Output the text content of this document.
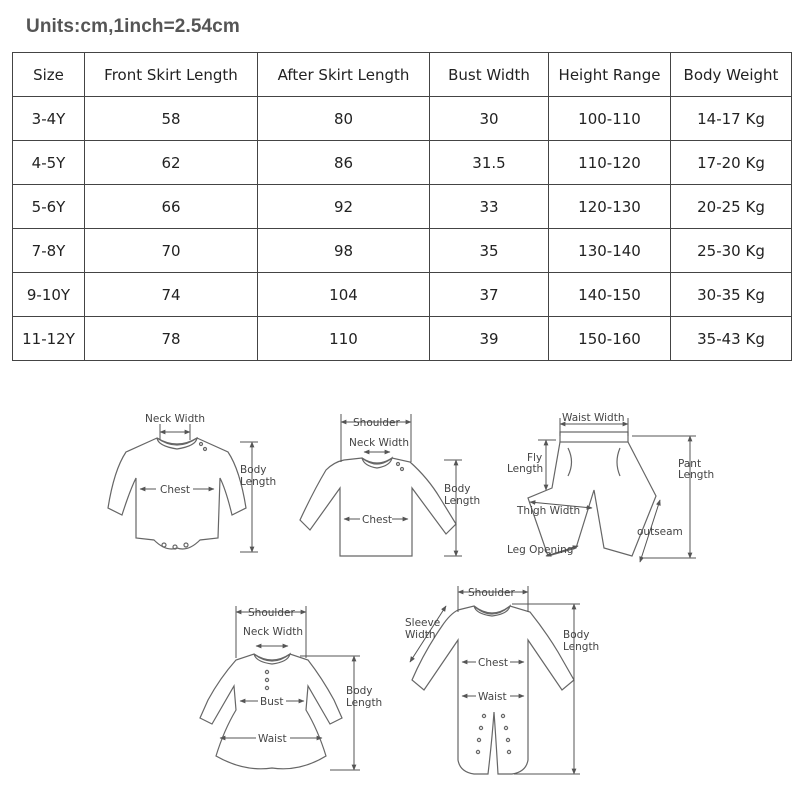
Units:cm,1inch=2.54cm
Size	Front Skirt Length	After Skirt Length	Bust Width	Height Range	Body Weight
3-4Y	58	80	30	100-110	14-17 Kg
4-5Y	62	86	31.5	110-120	17-20 Kg
5-6Y	66	92	33	120-130	20-25 Kg
7-8Y	70	98	35	130-140	25-30 Kg
9-10Y	74	104	37	140-150	30-35 Kg
11-12Y	78	110	39	150-160	35-43 Kg
Neck Width
Chest
Body
Length
Shoulder
Neck Width
Chest
Body
Length
Waist Width
Fly
Length	Pant
Length
Thigh Width
outseam
Leg Opening
Shoulder
Neck Width
Bust
Waist
Body
Length
Shoulder
Sleeve
Width
Chest
Waist
Body
Length
